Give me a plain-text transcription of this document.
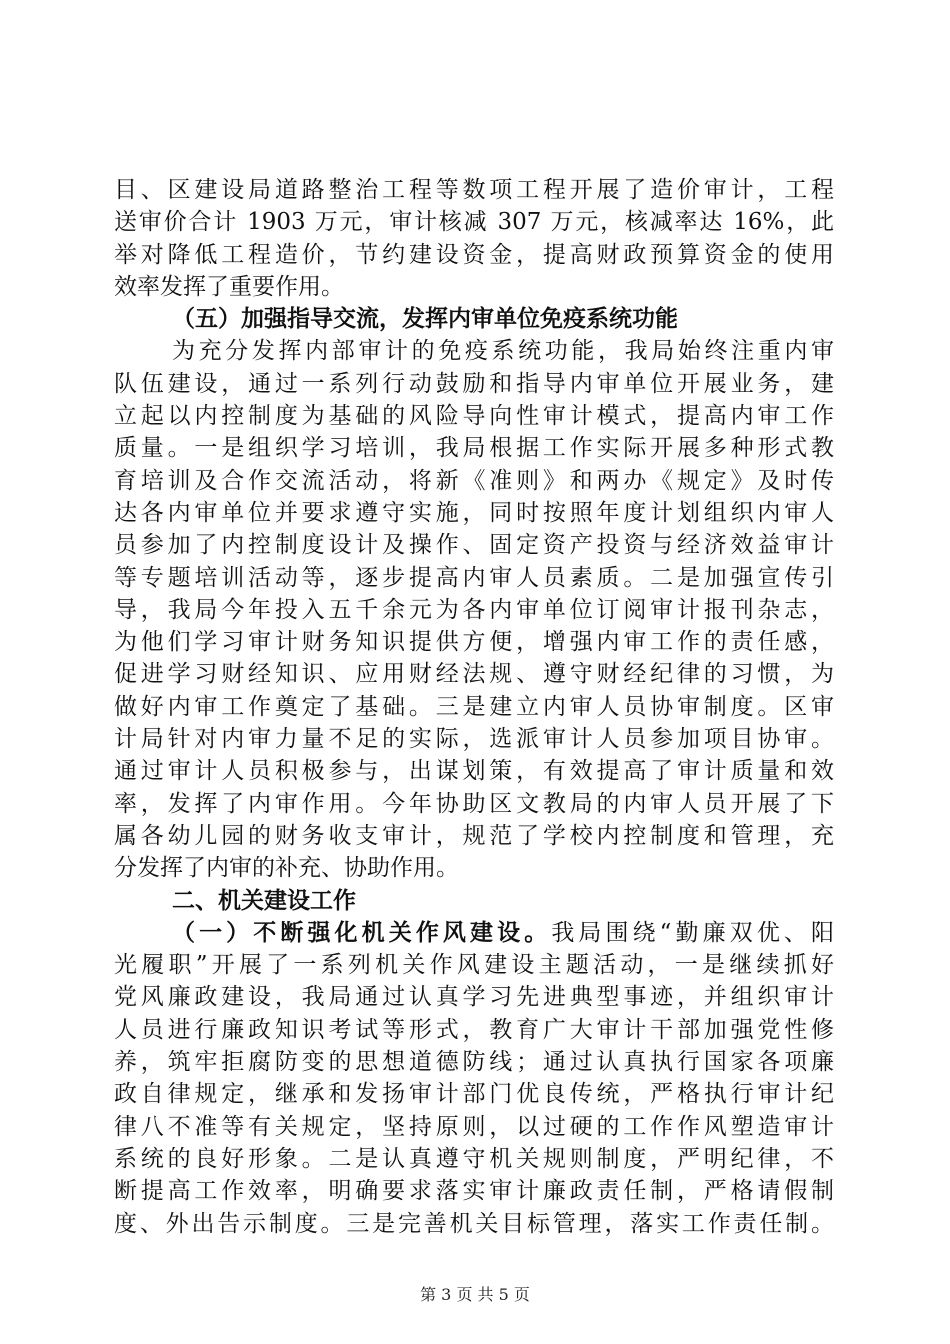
目、区建设局道路整治工程等数项工程开展了造价审计，工程
送审价合计 1903 万元，审计核减 307 万元，核减率达 16%，此
举对降低工程造价，节约建设资金，提高财政预算资金的使用
效率发挥了重要作用。
（五）加强指导交流，发挥内审单位免疫系统功能
为充分发挥内部审计的免疫系统功能，我局始终注重内审
队伍建设，通过一系列行动鼓励和指导内审单位开展业务，建
立起以内控制度为基础的风险导向性审计模式，提高内审工作
质量。一是组织学习培训，我局根据工作实际开展多种形式教
育培训及合作交流活动，将新《准则》和两办《规定》及时传
达各内审单位并要求遵守实施，同时按照年度计划组织内审人
员参加了内控制度设计及操作、固定资产投资与经济效益审计
等专题培训活动等，逐步提高内审人员素质。二是加强宣传引
导，我局今年投入五千余元为各内审单位订阅审计报刊杂志，
为他们学习审计财务知识提供方便，增强内审工作的责任感，
促进学习财经知识、应用财经法规、遵守财经纪律的习惯，为
做好内审工作奠定了基础。三是建立内审人员协审制度。区审
计局针对内审力量不足的实际，选派审计人员参加项目协审。
通过审计人员积极参与，出谋划策，有效提高了审计质量和效
率，发挥了内审作用。今年协助区文教局的内审人员开展了下
属各幼儿园的财务收支审计，规范了学校内控制度和管理，充
分发挥了内审的补充、协助作用。
二、机关建设工作
（一）不断强化机关作风建设。我局围绕“勤廉双优、阳
光履职”开展了一系列机关作风建设主题活动，一是继续抓好
党风廉政建设，我局通过认真学习先进典型事迹，并组织审计
人员进行廉政知识考试等形式，教育广大审计干部加强党性修
养，筑牢拒腐防变的思想道德防线；通过认真执行国家各项廉
政自律规定，继承和发扬审计部门优良传统，严格执行审计纪
律八不准等有关规定，坚持原则，以过硬的工作作风塑造审计
系统的良好形象。二是认真遵守机关规则制度，严明纪律，不
断提高工作效率，明确要求落实审计廉政责任制，严格请假制
度、外出告示制度。三是完善机关目标管理，落实工作责任制。
第 3 页 共 5 页
